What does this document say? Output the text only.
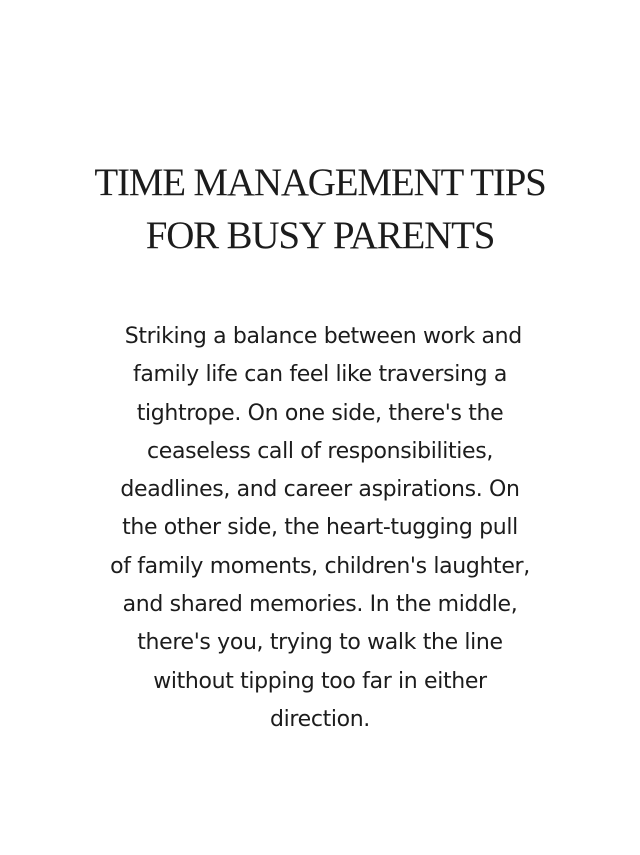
TIME MANAGEMENT TIPS
FOR BUSY PARENTS

Striking a balance between work and
family life can feel like traversing a
tightrope. On one side, there's the
ceaseless call of responsibilities,
deadlines, and career aspirations. On
the other side, the heart-tugging pull
of family moments, children's laughter,
and shared memories. In the middle,
there's you, trying to walk the line
without tipping too far in either
direction.
